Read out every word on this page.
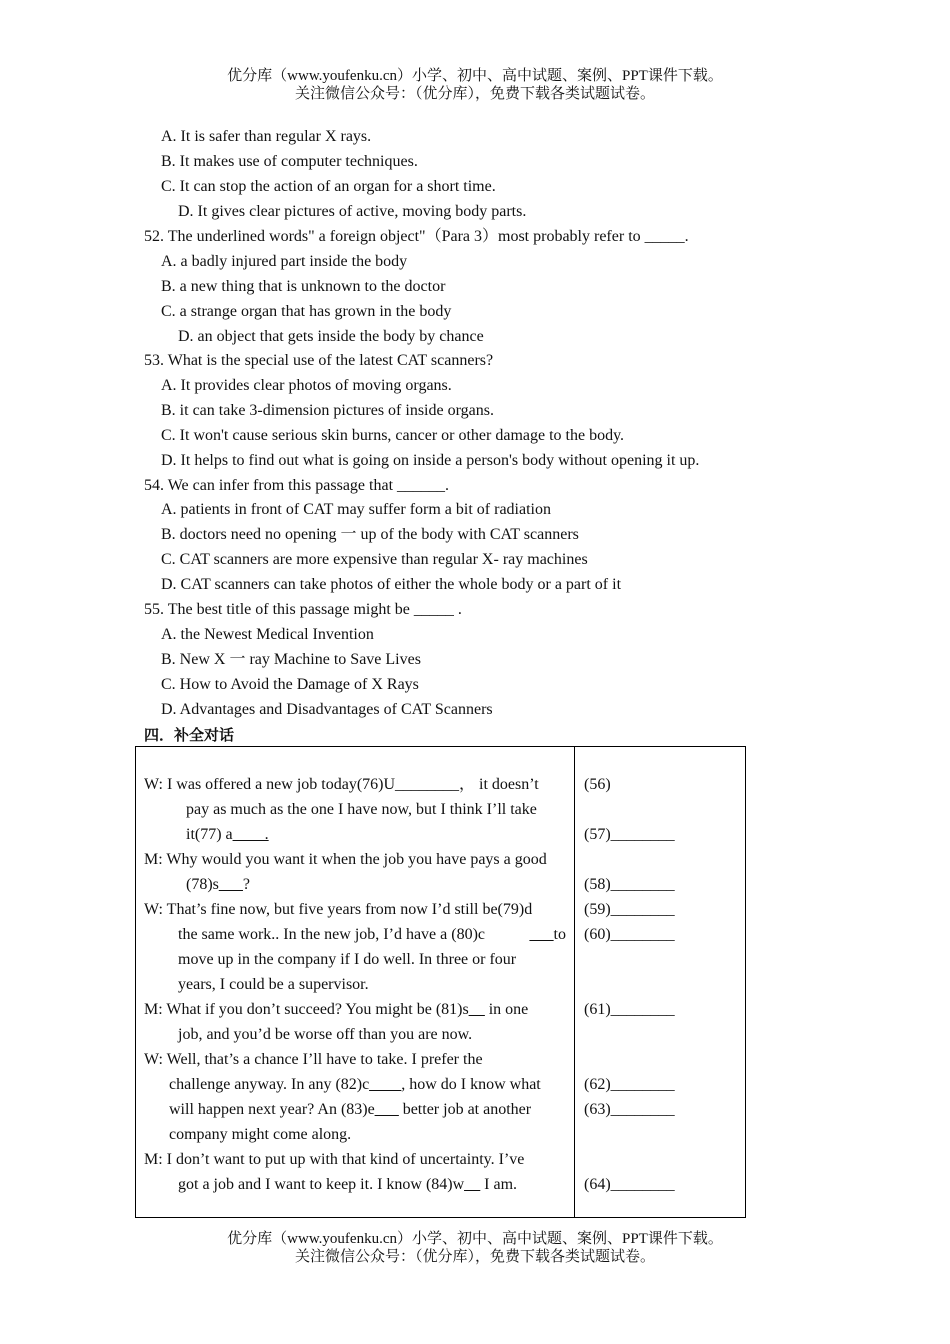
优分库（www.youfenku.cn）小学、初中、高中试题、案例、PPT课件下载。
关注微信公众号：（优分库），免费下载各类试题试卷。
A. It is safer than regular X rays.
B. It makes use of computer techniques.
C. It can stop the action of an organ for a short time.
D. It gives clear pictures of active, moving body parts.
52. The underlined words" a foreign object"（Para 3）most probably refer to _____.
A. a badly injured part inside the body
B. a new thing that is unknown to the doctor
C. a strange organ that has grown in the body
D. an object that gets inside the body by chance
53. What is the special use of the latest CAT scanners?
A. It provides clear photos of moving organs.
B. it can take 3-dimension pictures of inside organs.
C. It won't cause serious skin burns, cancer or other damage to the body.
D. It helps to find out what is going on inside a person's body without opening it up.
54. We can infer from this passage that ______.
A. patients in front of CAT may suffer form a bit of radiation
B. doctors need no opening 一 up of the body with CAT scanners
C. CAT scanners are more expensive than regular X- ray machines
D. CAT scanners can take photos of either the whole body or a part of it
55. The best title of this passage might be _____ .
A. the Newest Medical Invention
B. New X 一 ray Machine to Save Lives
C. How to Avoid the Damage of X Rays
D. Advantages and Disadvantages of CAT Scanners
四．补全对话
W: I was offered a new job today(76)U________， it doesn’t
pay as much as the one I have now, but I think I’ll take
it(77) a____.
M: Why would you want it when the job you have pays a good
(78)s___?
W: That’s fine now, but five years from now I’d still be(79)d
the same work.. In the new job, I’d have a (80)c	___to
move up in the company if I do well. In three or four
years, I could be a supervisor.
M: What if you don’t succeed? You might be (81)s__ in one
job, and you’d be worse off than you are now.
W: Well, that’s a chance I’ll have to take. I prefer the
challenge anyway. In any (82)c____, how do I know what
will happen next year? An (83)e___ better job at another
company might come along.
M: I don’t want to put up with that kind of uncertainty. I’ve
got a job and I want to keep it. I know (84)w__ I am.
(56)
(57)________
(58)________
(59)________
(60)________
(61)________
(62)________
(63)________
(64)________
优分库（www.youfenku.cn）小学、初中、高中试题、案例、PPT课件下载。
关注微信公众号：（优分库），免费下载各类试题试卷。
